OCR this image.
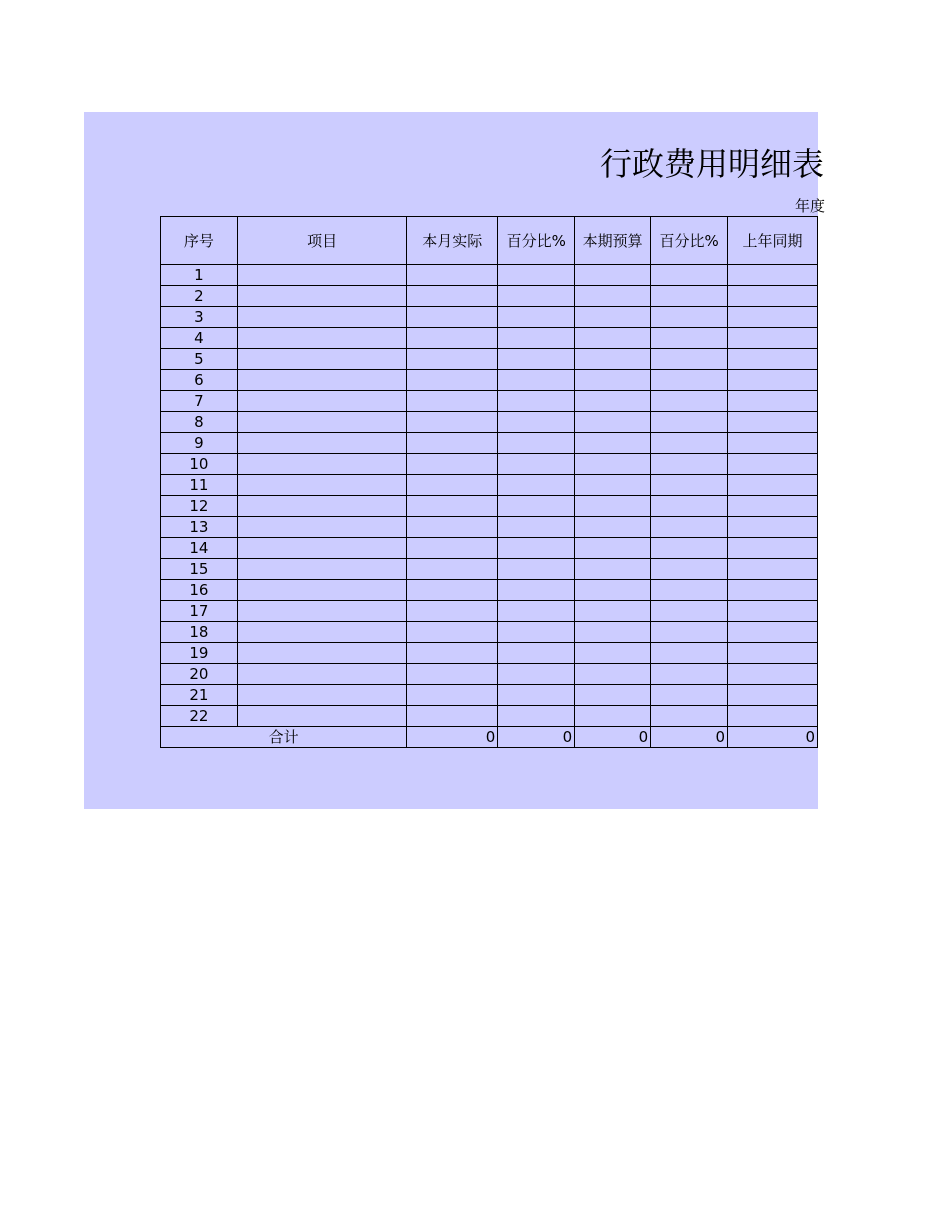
行政费用明细表
年度
序号	项目	本月实际	百分比%	本期预算	百分比%	上年同期
1						
2						
3						
4						
5						
6						
7						
8						
9						
10						
11						
12						
13						
14						
15						
16						
17						
18						
19						
20						
21						
22						
合计		0	0	0	0	0
